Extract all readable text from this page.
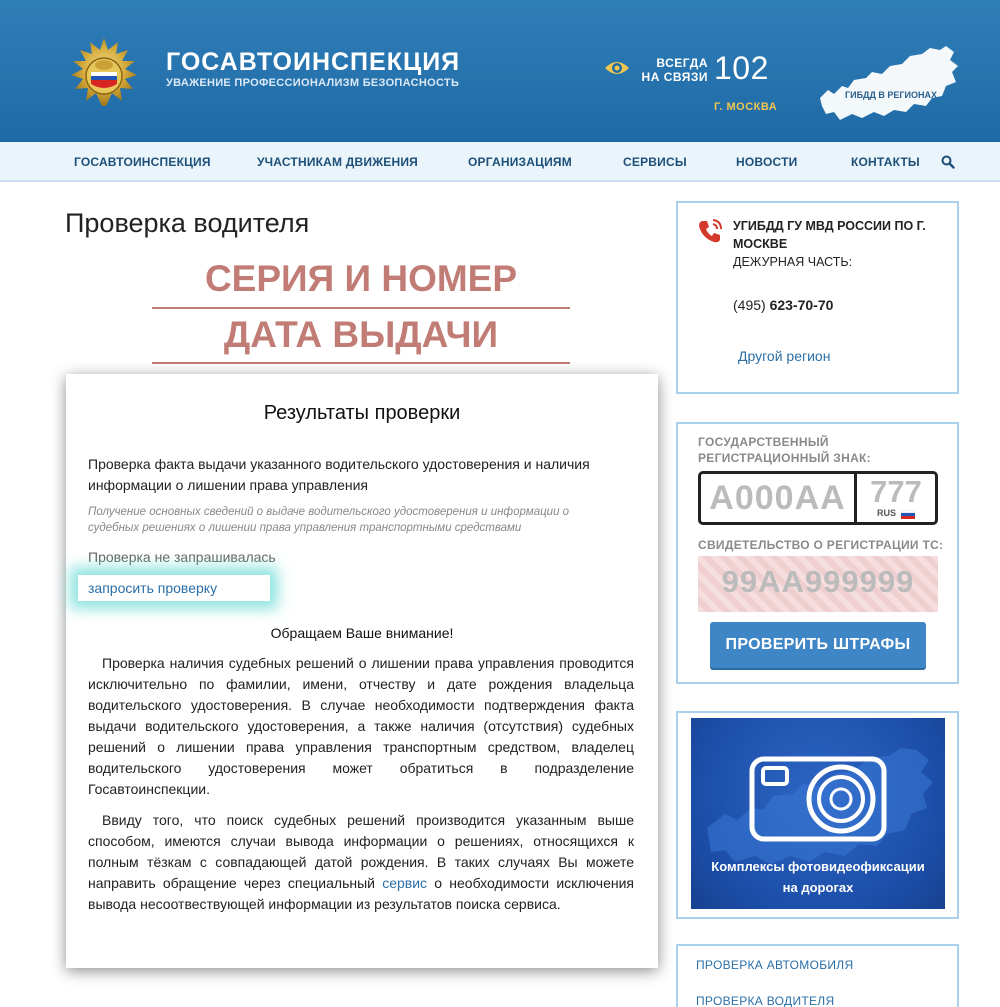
ГОСАВТОИНСПЕКЦИЯ
УВАЖЕНИЕ ПРОФЕССИОНАЛИЗМ БЕЗОПАСНОСТЬ
ВСЕГДА
НА СВЯЗИ 102
Г. МОСКВА
ГИБДД В РЕГИОНАХ
ГОСАВТОИНСПЕКЦИЯ	УЧАСТНИКАМ ДВИЖЕНИЯ	ОРГАНИЗАЦИЯМ	СЕРВИСЫ	НОВОСТИ	КОНТАКТЫ
Проверка водителя
СЕРИЯ И НОМЕР
ДАТА ВЫДАЧИ
Результаты проверки
Проверка факта выдачи указанного водительского удостоверения и наличия информации о лишении права управления
Получение основных сведений о выдаче водительского удостоверения и информации о судебных решениях о лишении права управления транспортными средствами
Проверка не запрашивалась
запросить проверку
Обращаем Ваше внимание!
Проверка наличия судебных решений о лишении права управления проводится исключительно по фамилии, имени, отчеству и дате рождения владельца водительского удостоверения. В случае необходимости подтверждения факта выдачи водительского удостоверения, а также наличия (отсутствия) судебных решений о лишении права управления транспортным средством, владелец водительского удостоверения может обратиться в подразделение Госавтоинспекции.
Ввиду того, что поиск судебных решений производится указанным выше способом, имеются случаи вывода информации о решениях, относящихся к полным тёзкам с совпадающей датой рождения. В таких случаях Вы можете направить обращение через специальный сервис о необходимости исключения вывода несоотвествующей информации из результатов поиска сервиса.
УГИБДД ГУ МВД РОССИИ ПО Г. МОСКВЕ
ДЕЖУРНАЯ ЧАСТЬ:
(495) 623-70-70
Другой регион
ГОСУДАРСТВЕННЫЙ РЕГИСТРАЦИОННЫЙ ЗНАК:
А000АА 777
RUS
СВИДЕТЕЛЬСТВО О РЕГИСТРАЦИИ ТС:
99АА999999
ПРОВЕРИТЬ ШТРАФЫ
Комплексы фотовидеофиксации
на дорогах
ПРОВЕРКА АВТОМОБИЛЯ
ПРОВЕРКА ВОДИТЕЛЯ
